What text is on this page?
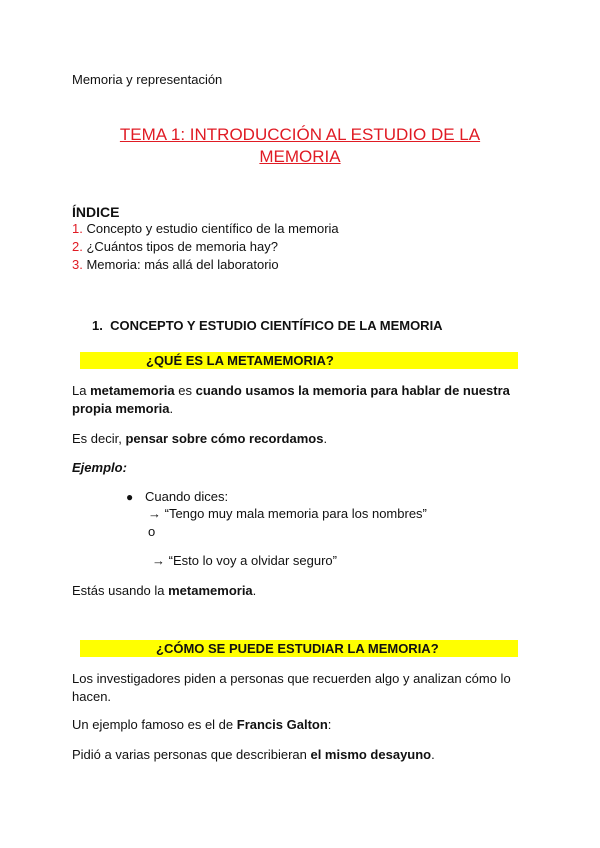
Memoria y representación
TEMA 1: INTRODUCCIÓN AL ESTUDIO DE LA
MEMORIA
ÍNDICE
1. Concepto y estudio científico de la memoria
2. ¿Cuántos tipos de memoria hay?
3. Memoria: más allá del laboratorio
1. CONCEPTO Y ESTUDIO CIENTÍFICO DE LA MEMORIA
¿QUÉ ES LA METAMEMORIA?
La metamemoria es cuando usamos la memoria para hablar de nuestra
propia memoria.
Es decir, pensar sobre cómo recordamos.
Ejemplo:
● Cuando dices:
→ “Tengo muy mala memoria para los nombres”
o
→ “Esto lo voy a olvidar seguro”
Estás usando la metamemoria.
¿CÓMO SE PUEDE ESTUDIAR LA MEMORIA?
Los investigadores piden a personas que recuerden algo y analizan cómo lo
hacen.
Un ejemplo famoso es el de Francis Galton:
Pidió a varias personas que describieran el mismo desayuno.
